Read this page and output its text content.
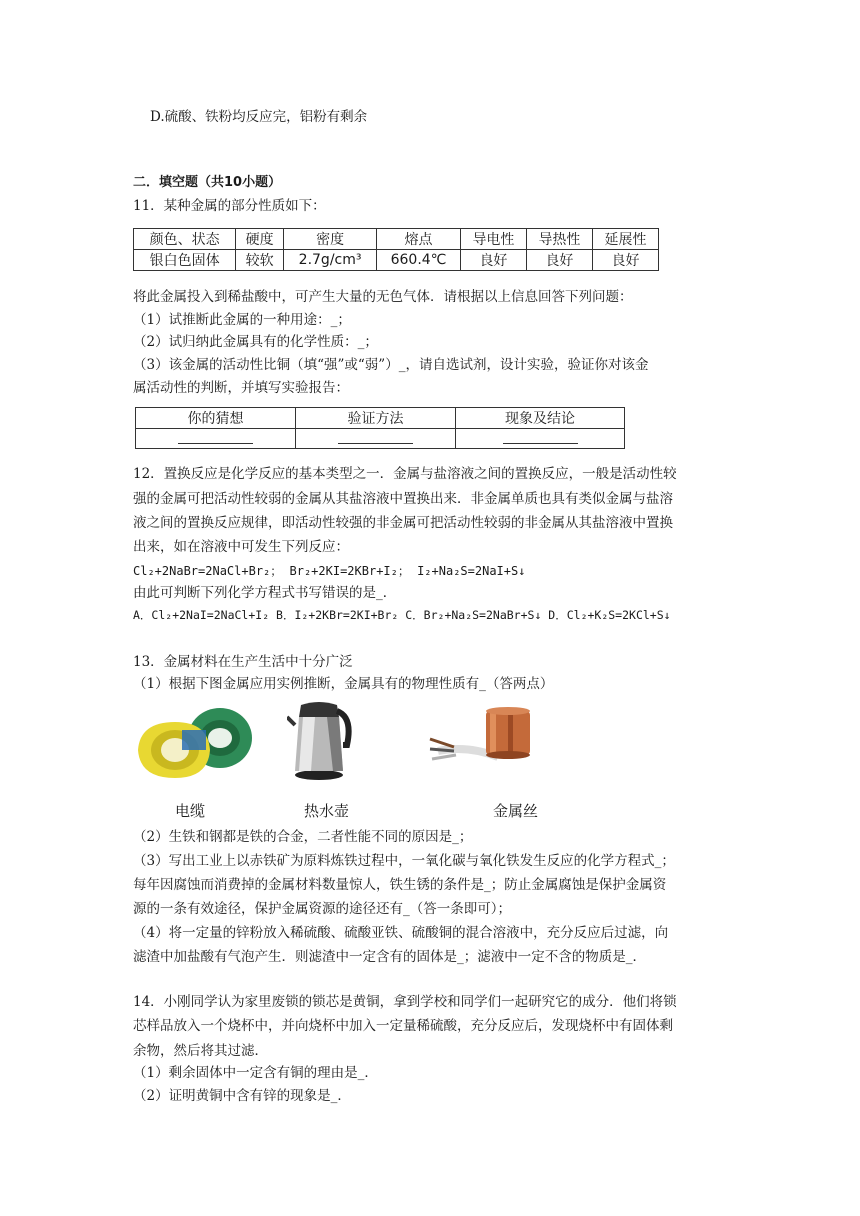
D.硫酸、铁粉均反应完，铝粉有剩余
二．填空题（共10小题）
11．某种金属的部分性质如下：
颜色、状态	硬度	密度	熔点	导电性	导热性	延展性
银白色固体	较软	2.7g/cm³	660.4℃	良好	良好	良好
将此金属投入到稀盐酸中，可产生大量的无色气体．请根据以上信息回答下列问题：
（1）试推断此金属的一种用途：_；
（2）试归纳此金属具有的化学性质：_；
（3）该金属的活动性比铜（填“强”或“弱”）_，请自选试剂，设计实验，验证你对该金
属活动性的判断，并填写实验报告：
你的猜想	验证方法	现象及结论

12．置换反应是化学反应的基本类型之一．金属与盐溶液之间的置换反应，一般是活动性较
强的金属可把活动性较弱的金属从其盐溶液中置换出来．非金属单质也具有类似金属与盐溶
液之间的置换反应规律，即活动性较强的非金属可把活动性较弱的非金属从其盐溶液中置换
出来，如在溶液中可发生下列反应：
Cl₂+2NaBr=2NaCl+Br₂； Br₂+2KI=2KBr+I₂； I₂+Na₂S=2NaI+S↓
由此可判断下列化学方程式书写错误的是_．
A．Cl₂+2NaI=2NaCl+I₂ B．I₂+2KBr=2KI+Br₂ C．Br₂+Na₂S=2NaBr+S↓ D．Cl₂+K₂S=2KCl+S↓
13．金属材料在生产生活中十分广泛
（1）根据下图金属应用实例推断，金属具有的物理性质有_（答两点）
电缆	热水壶	金属丝
（2）生铁和钢都是铁的合金，二者性能不同的原因是_；
（3）写出工业上以赤铁矿为原料炼铁过程中，一氧化碳与氧化铁发生反应的化学方程式_；
每年因腐蚀而消费掉的金属材料数量惊人，铁生锈的条件是_；防止金属腐蚀是保护金属资
源的一条有效途径，保护金属资源的途径还有_（答一条即可）；
（4）将一定量的锌粉放入稀硫酸、硫酸亚铁、硫酸铜的混合溶液中，充分反应后过滤，向
滤渣中加盐酸有气泡产生．则滤渣中一定含有的固体是_；滤液中一定不含的物质是_．
14．小刚同学认为家里废锁的锁芯是黄铜，拿到学校和同学们一起研究它的成分．他们将锁
芯样品放入一个烧杯中，并向烧杯中加入一定量稀硫酸，充分反应后，发现烧杯中有固体剩
余物，然后将其过滤．
（1）剩余固体中一定含有铜的理由是_．
（2）证明黄铜中含有锌的现象是_．
